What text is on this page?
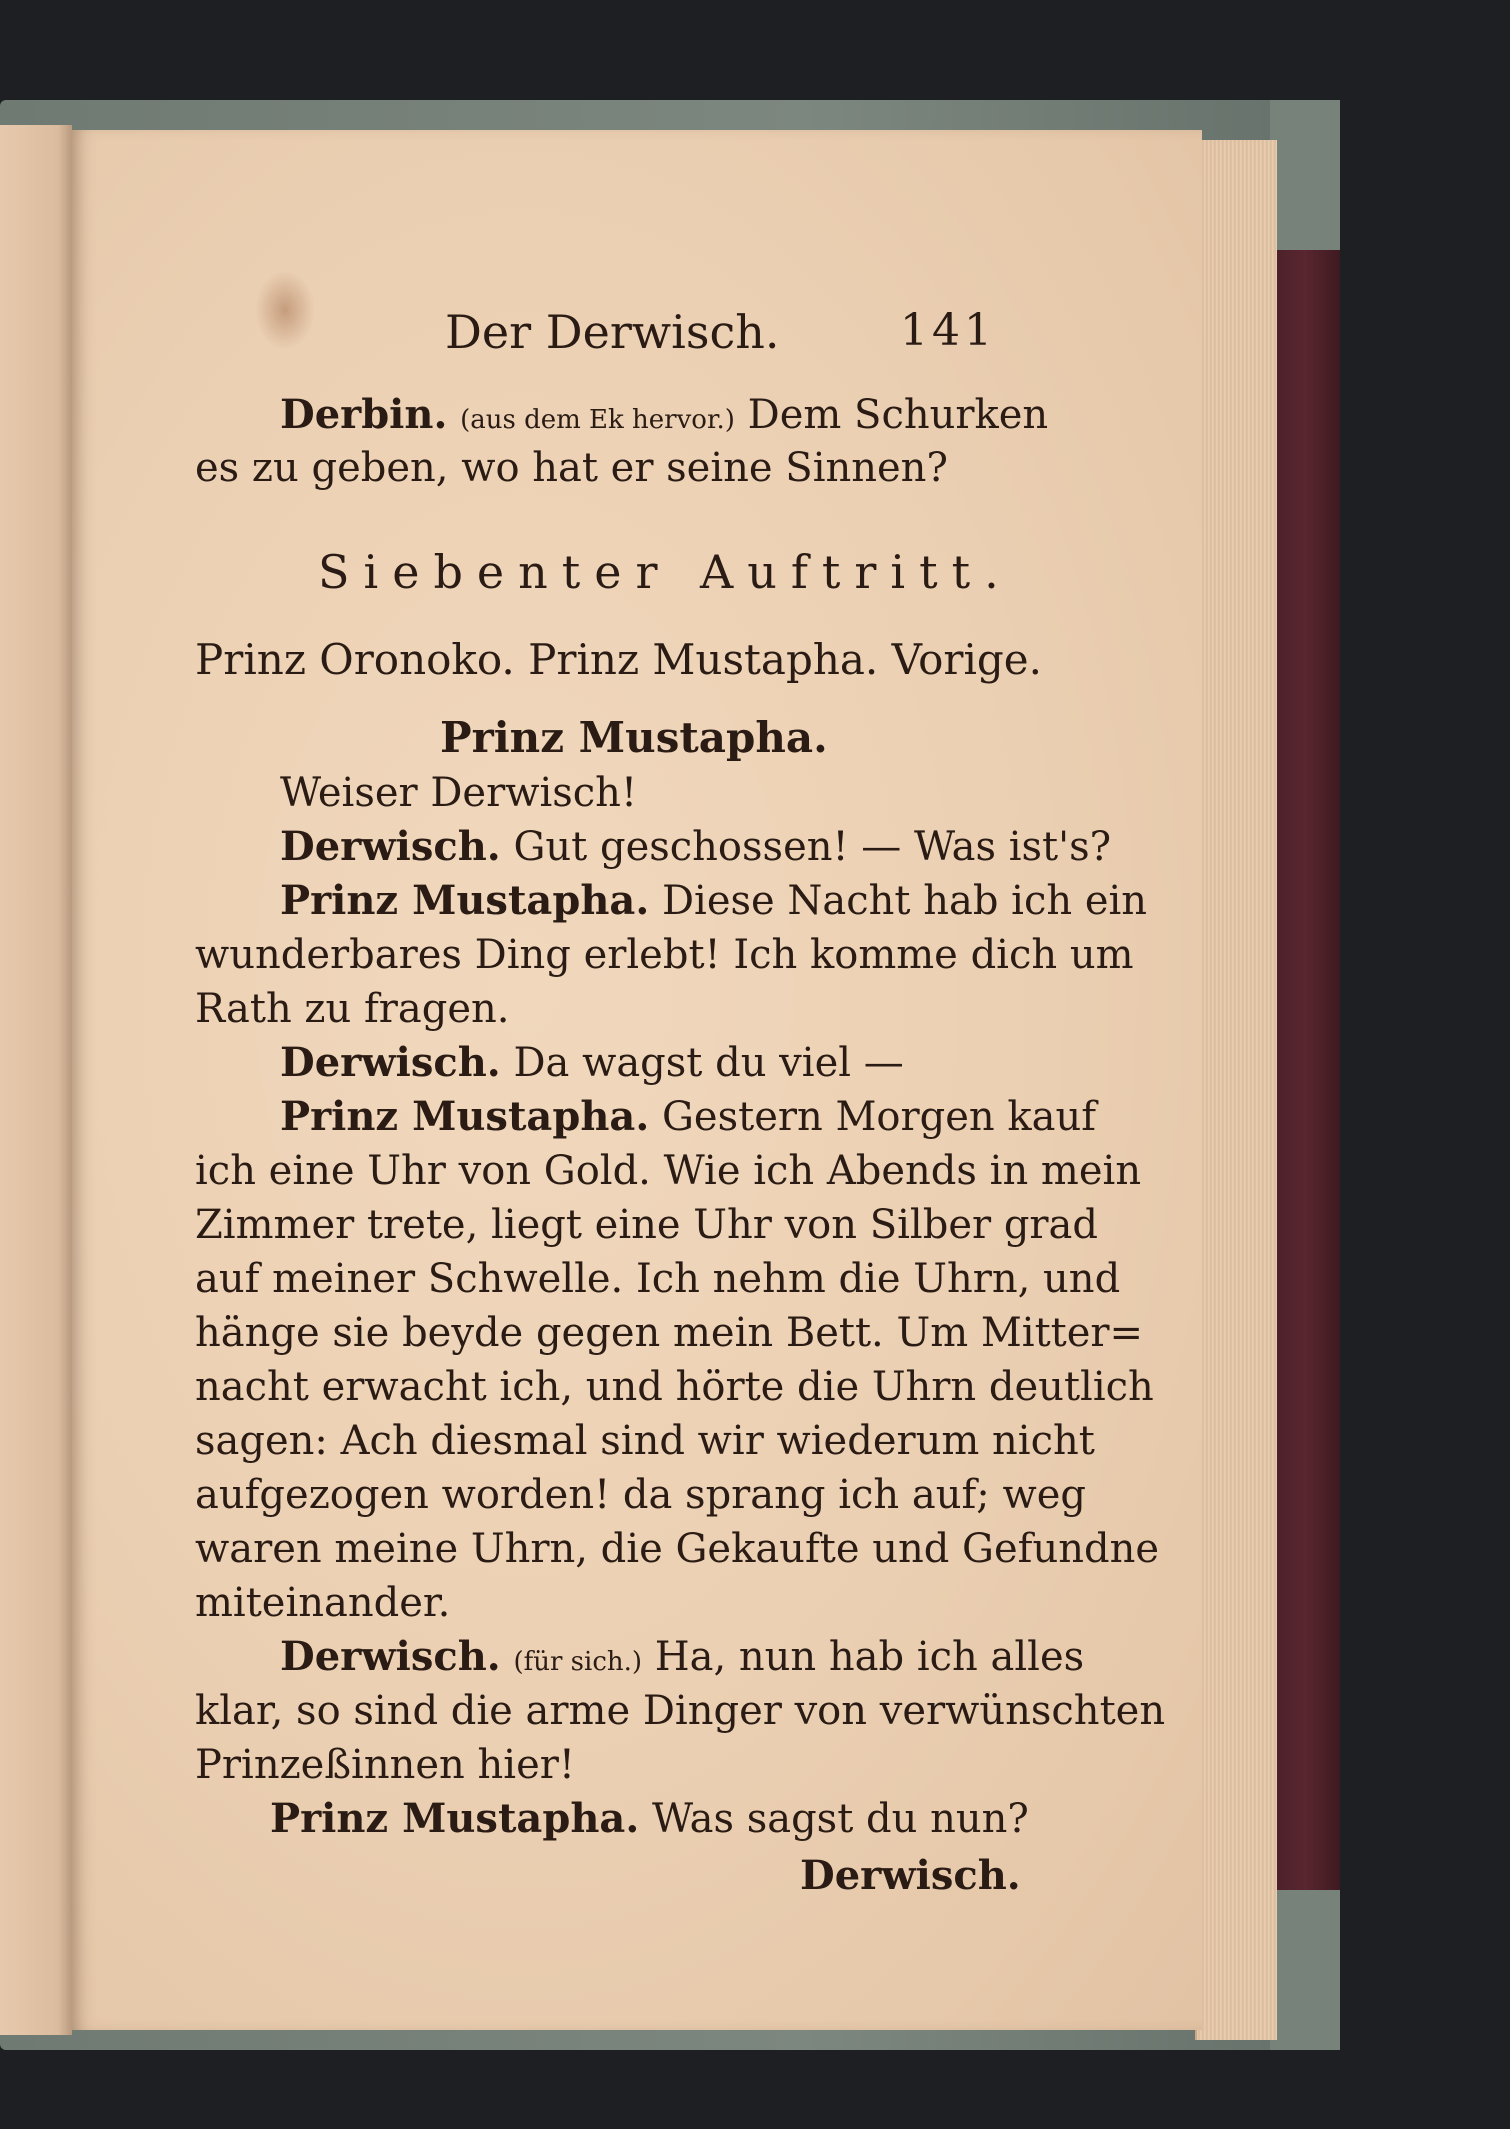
Der Derwisch.	141
Derbin. (aus dem Ek hervor.) Dem Schurken
es zu geben, wo hat er seine Sinnen?
Siebenter Auftritt.
Prinz Oronoko. Prinz Mustapha. Vorige.
Prinz Mustapha.
Weiser Derwisch!
Derwisch. Gut geschossen! — Was ist's?
Prinz Mustapha. Diese Nacht hab ich ein
wunderbares Ding erlebt! Ich komme dich um
Rath zu fragen.
Derwisch. Da wagst du viel —
Prinz Mustapha. Gestern Morgen kauf
ich eine Uhr von Gold. Wie ich Abends in mein
Zimmer trete, liegt eine Uhr von Silber grad
auf meiner Schwelle. Ich nehm die Uhrn, und
hänge sie beyde gegen mein Bett. Um Mitter=
nacht erwacht ich, und hörte die Uhrn deutlich
sagen: Ach diesmal sind wir wiederum nicht
aufgezogen worden! da sprang ich auf; weg
waren meine Uhrn, die Gekaufte und Gefundne
miteinander.
Derwisch. (für sich.) Ha, nun hab ich alles
klar, so sind die arme Dinger von verwünschten
Prinzeßinnen hier!
Prinz Mustapha. Was sagst du nun?
Derwisch.
